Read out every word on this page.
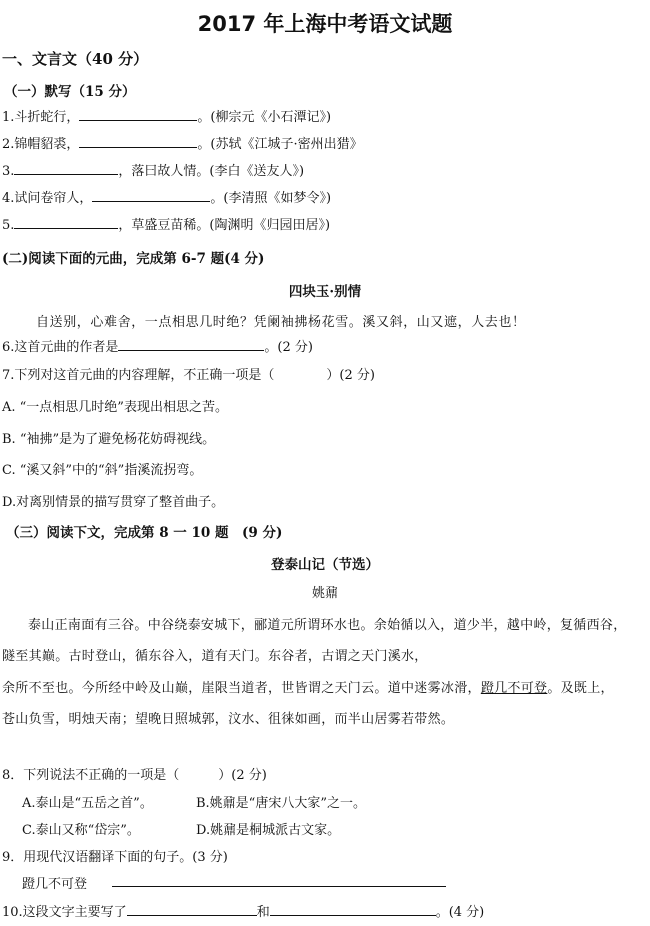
2017 年上海中考语文试题
一、文言文（40 分）
（一）默写（15 分）
1.斗折蛇行，	。(柳宗元《小石潭记》)
2.锦帽貂裘，	。(苏轼《江城子·密州出猎》
3.	，落曰故人情。(李白《送友人》)
4.试问卷帘人，	。(李清照《如梦令》)
5.	，草盛豆苗稀。(陶渊明《归园田居》)
(二)阅读下面的元曲，完成第 6-7 题(4 分)
四块玉·别情
自送别，心难舍，一点相思几时绝？凭阑袖拂杨花雪。溪又斜，山又遮，人去也！
6.这首元曲的作者是	。(2 分)
7.下列对这首元曲的内容理解，不正确一项是（　　　　）(2 分)
A. “一点相思几时绝”表现出相思之苦。
B. “袖拂”是为了避免杨花妨碍视线。
C. “溪又斜”中的“斜”指溪流拐弯。
D.对离别情景的描写贯穿了整首曲子。
（三）阅读下文，完成第 8 一 10 题　(9 分)
登泰山记（节选）
姚鼐
泰山正南面有三谷。中谷绕泰安城下，郦道元所谓环水也。余始循以入，道少半，越中岭，复循西谷，
隧至其巅。古时登山，循东谷入，道有天门。东谷者，古谓之天门溪水，
余所不至也。今所经中岭及山巅，崖限当道者，世皆谓之天门云。道中迷雾冰滑，蹬几不可登。及既上，
苍山负雪，明烛天南；望晚日照城郭，汶水、徂徕如画，而半山居雾若带然。
8．下列说法不正确的一项是（　　　）(2 分)
A.泰山是“五岳之首”。	B.姚鼐是“唐宋八大家”之一。
C.泰山又称“岱宗”。	D.姚鼐是桐城派古文家。
9．用现代汉语翻译下面的句子。(3 分)
蹬几不可登
10.这段文字主要写了	和	。(4 分)
